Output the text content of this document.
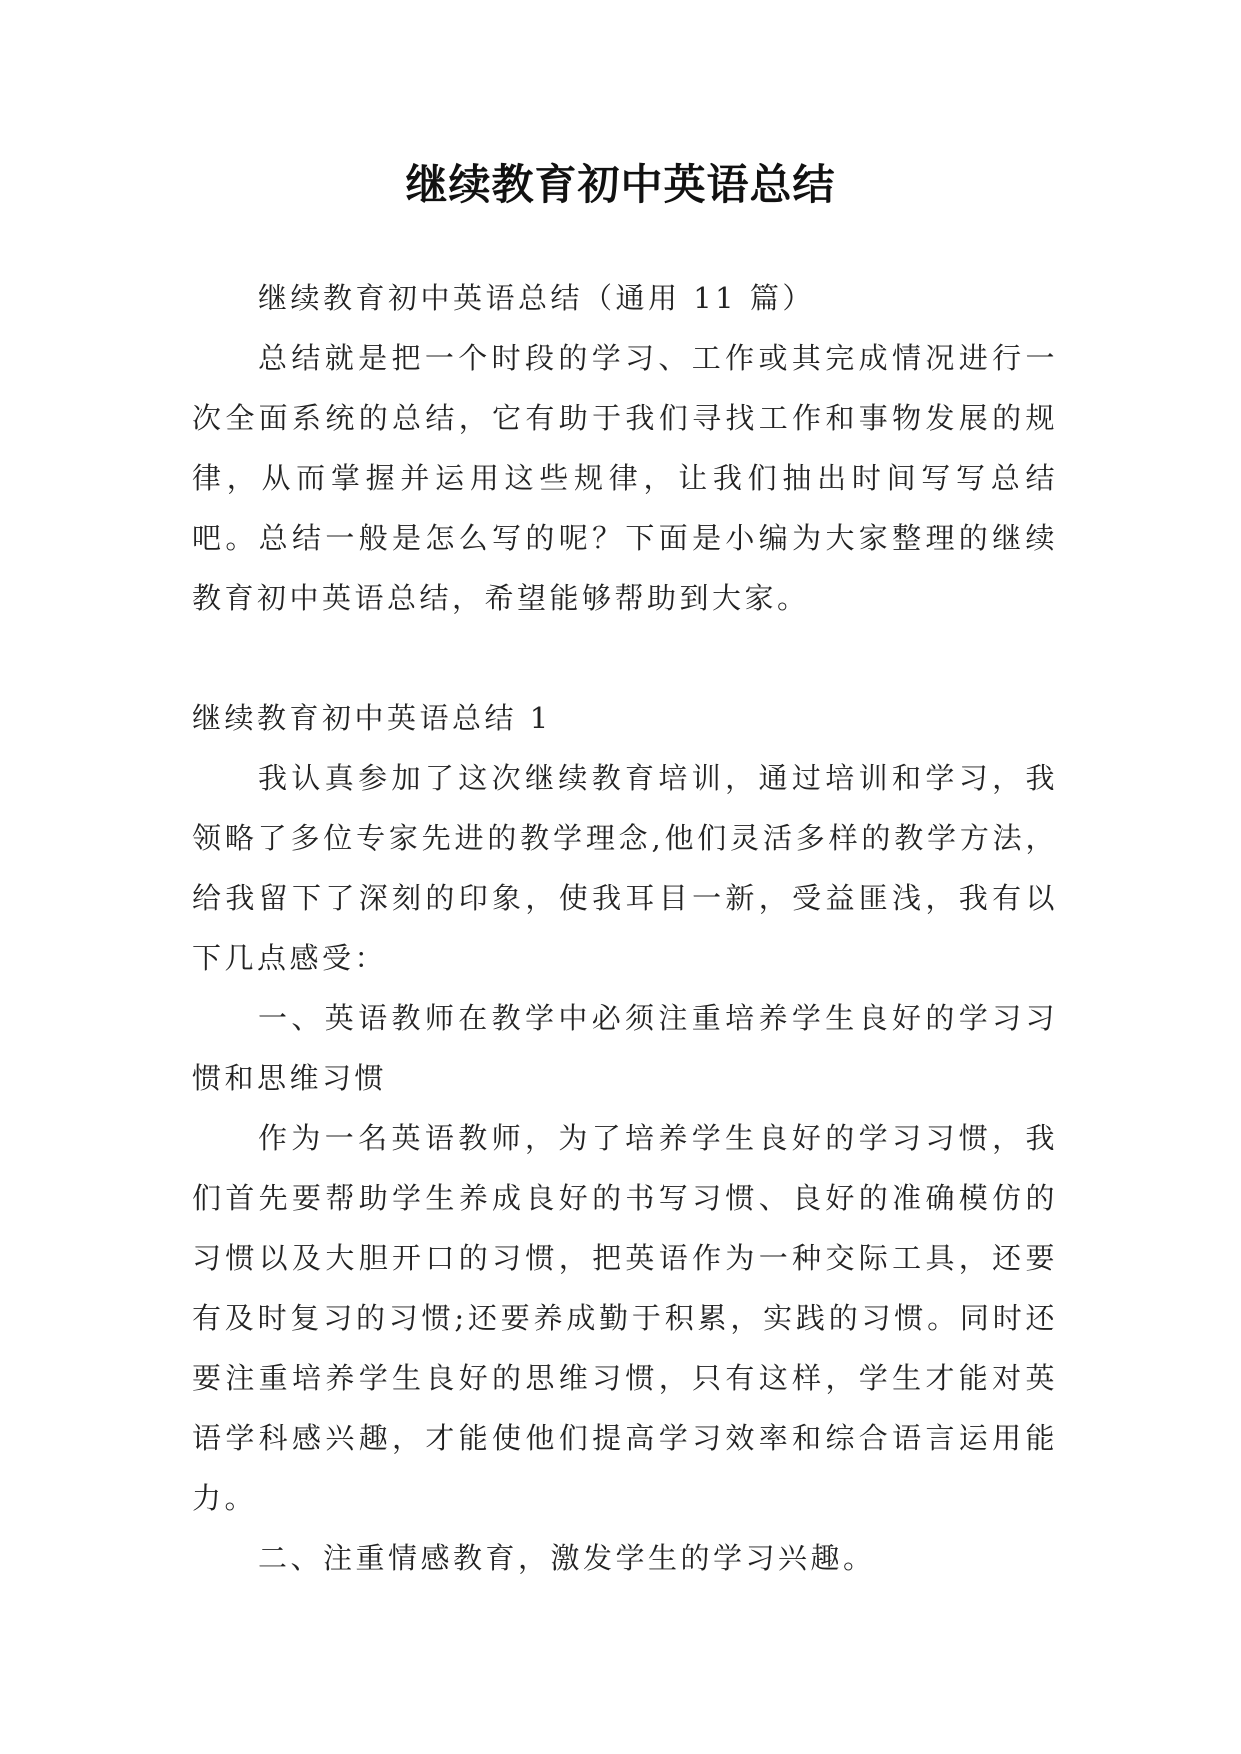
继续教育初中英语总结

继续教育初中英语总结（通用 11 篇）

总结就是把一个时段的学习、工作或其完成情况进行一次全面系统的总结，它有助于我们寻找工作和事物发展的规律，从而掌握并运用这些规律，让我们抽出时间写写总结吧。总结一般是怎么写的呢？下面是小编为大家整理的继续教育初中英语总结，希望能够帮助到大家。

继续教育初中英语总结 1

我认真参加了这次继续教育培训，通过培训和学习，我领略了多位专家先进的教学理念,他们灵活多样的教学方法，给我留下了深刻的印象，使我耳目一新，受益匪浅，我有以下几点感受：

一、英语教师在教学中必须注重培养学生良好的学习习惯和思维习惯

作为一名英语教师，为了培养学生良好的学习习惯，我们首先要帮助学生养成良好的书写习惯、良好的准确模仿的习惯以及大胆开口的习惯，把英语作为一种交际工具，还要有及时复习的习惯;还要养成勤于积累，实践的习惯。同时还要注重培养学生良好的思维习惯，只有这样，学生才能对英语学科感兴趣，才能使他们提高学习效率和综合语言运用能力。

二、注重情感教育，激发学生的学习兴趣。
